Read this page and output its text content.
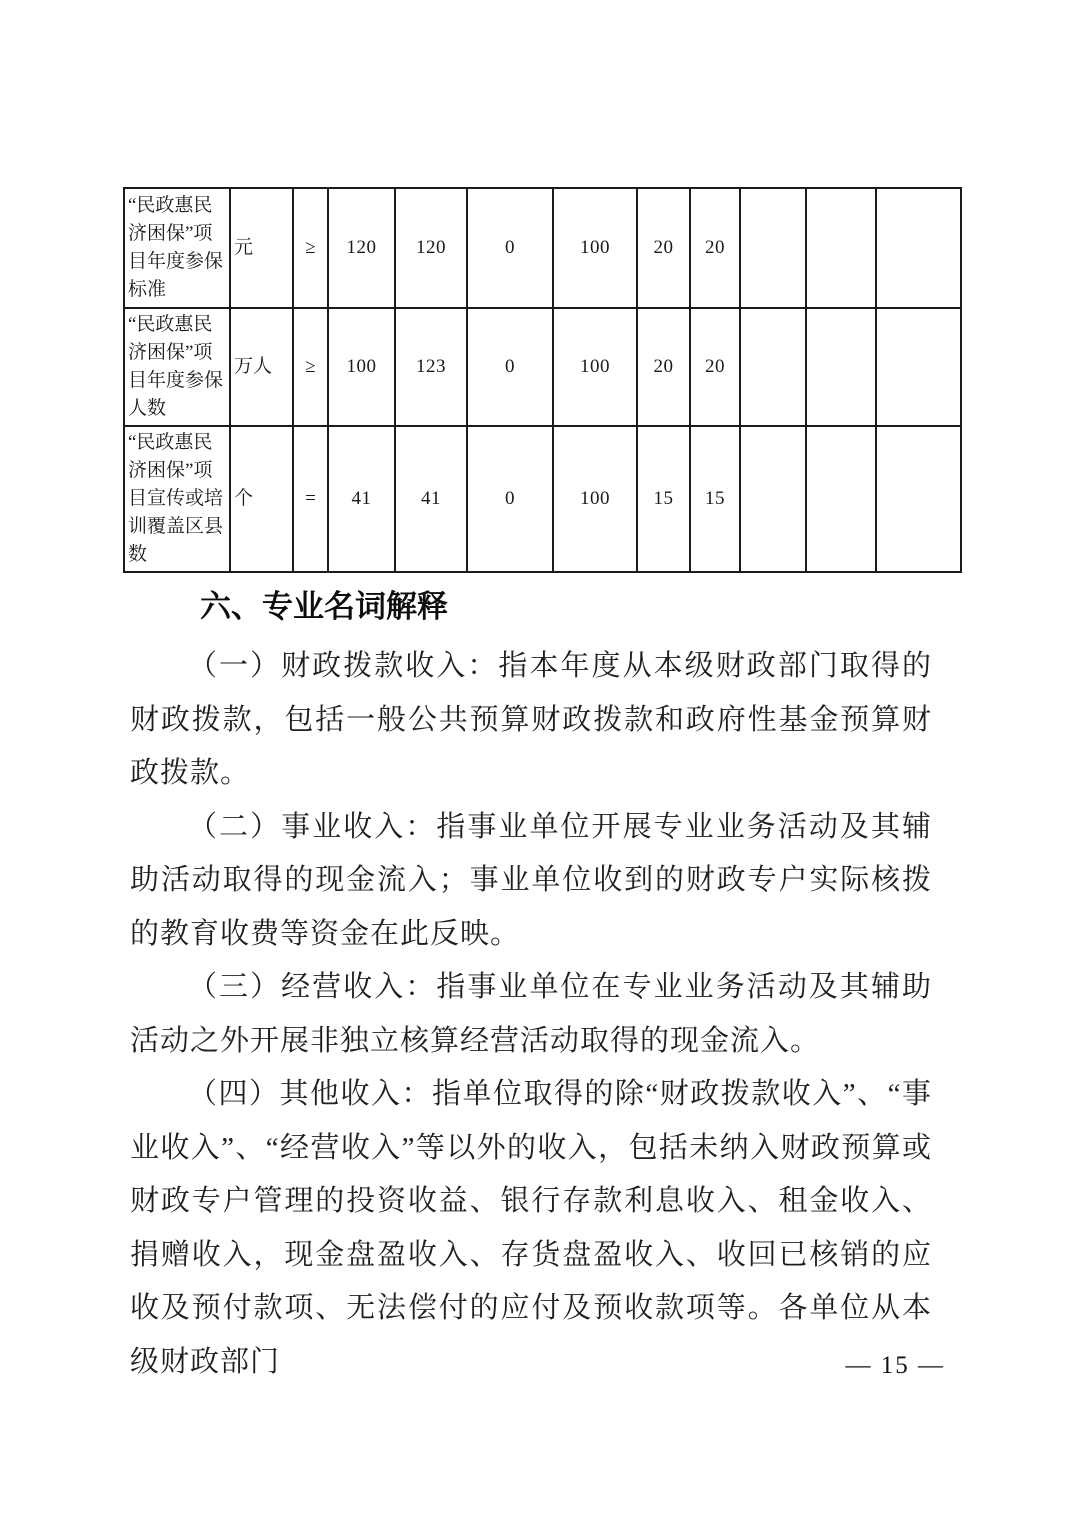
“民政惠民济困保”项目年度参保标准	元	≥	120	120	0	100	20	20			
“民政惠民济困保”项目年度参保人数	万人	≥	100	123	0	100	20	20			
“民政惠民济困保”项目宣传或培训覆盖区县数	个	=	41	41	0	100	15	15			
六、专业名词解释

（一）财政拨款收入：指本年度从本级财政部门取得的财政拨款，包括一般公共预算财政拨款和政府性基金预算财政拨款。

（二）事业收入：指事业单位开展专业业务活动及其辅助活动取得的现金流入；事业单位收到的财政专户实际核拨的教育收费等资金在此反映。

（三）经营收入：指事业单位在专业业务活动及其辅助活动之外开展非独立核算经营活动取得的现金流入。

（四）其他收入：指单位取得的除“财政拨款收入”、“事业收入”、“经营收入”等以外的收入，包括未纳入财政预算或财政专户管理的投资收益、银行存款利息收入、租金收入、捐赠收入，现金盘盈收入、存货盘盈收入、收回已核销的应收及预付款项、无法偿付的应付及预收款项等。各单位从本级财政部门	— 15 —
